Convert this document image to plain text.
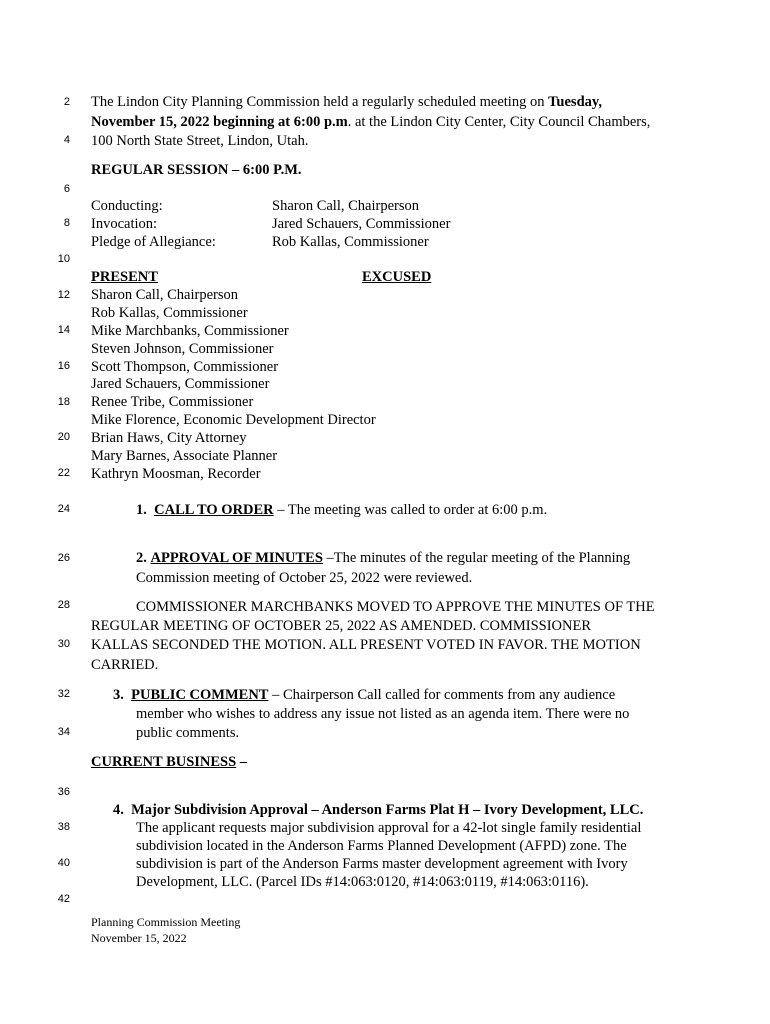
2
4
6
8
10
12
14
16
18
20
22
24
26
28
30
32
34
36
38
40
42
The Lindon City Planning Commission held a regularly scheduled meeting on Tuesday,
November 15, 2022 beginning at 6:00 p.m. at the Lindon City Center, City Council Chambers,
100 North State Street, Lindon, Utah.
REGULAR SESSION – 6:00 P.M.
Conducting:	Sharon Call, Chairperson
Invocation:	Jared Schauers, Commissioner
Pledge of Allegiance:	Rob Kallas, Commissioner
PRESENT	EXCUSED
Sharon Call, Chairperson
Rob Kallas, Commissioner
Mike Marchbanks, Commissioner
Steven Johnson, Commissioner
Scott Thompson, Commissioner
Jared Schauers, Commissioner
Renee Tribe, Commissioner
Mike Florence, Economic Development Director
Brian Haws, City Attorney
Mary Barnes, Associate Planner
Kathryn Moosman, Recorder
1. CALL TO ORDER – The meeting was called to order at 6:00 p.m.
2. APPROVAL OF MINUTES –The minutes of the regular meeting of the Planning
Commission meeting of October 25, 2022 were reviewed.
COMMISSIONER MARCHBANKS MOVED TO APPROVE THE MINUTES OF THE
REGULAR MEETING OF OCTOBER 25, 2022 AS AMENDED. COMMISSIONER
KALLAS SECONDED THE MOTION. ALL PRESENT VOTED IN FAVOR. THE MOTION
CARRIED.
3. PUBLIC COMMENT – Chairperson Call called for comments from any audience
member who wishes to address any issue not listed as an agenda item. There were no
public comments.
CURRENT BUSINESS –
4. Major Subdivision Approval – Anderson Farms Plat H – Ivory Development, LLC.
The applicant requests major subdivision approval for a 42-lot single family residential
subdivision located in the Anderson Farms Planned Development (AFPD) zone. The
subdivision is part of the Anderson Farms master development agreement with Ivory
Development, LLC. (Parcel IDs #14:063:0120, #14:063:0119, #14:063:0116).
Planning Commission Meeting
November 15, 2022
